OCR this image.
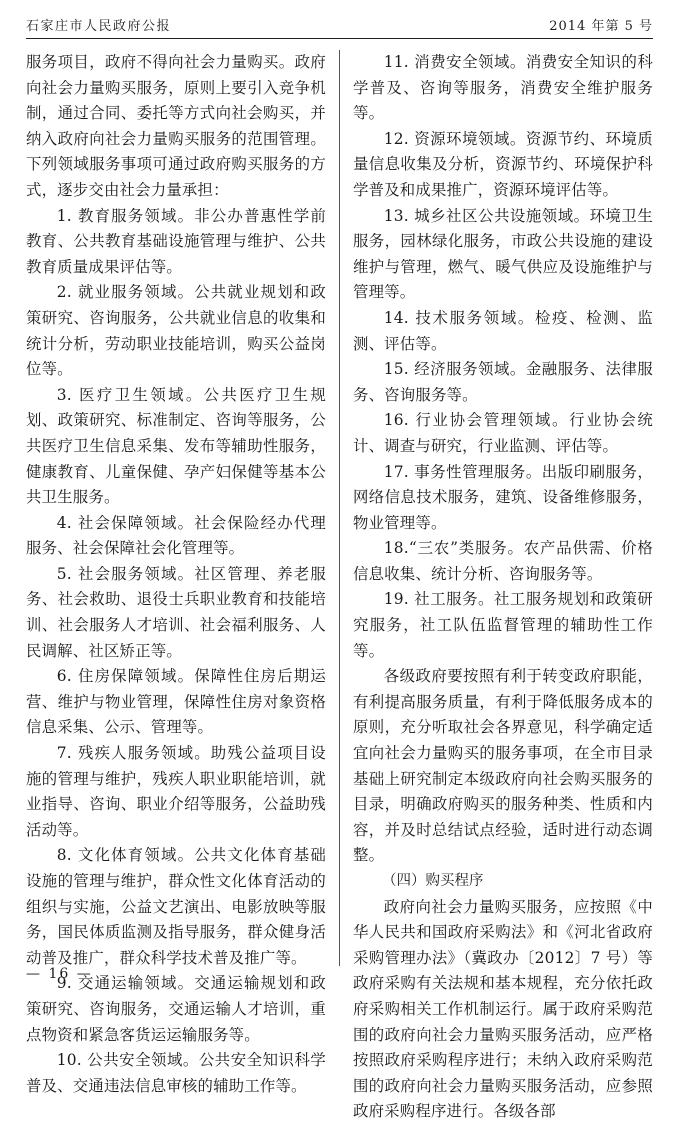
石家庄市人民政府公报	2014 年第 5 号

服务项目，政府不得向社会力量购买。政府向社会力量购买服务，原则上要引入竞争机制，通过合同、委托等方式向社会购买，并纳入政府向社会力量购买服务的范围管理。下列领域服务事项可通过政府购买服务的方式，逐步交由社会力量承担：

1. 教育服务领域。非公办普惠性学前教育、公共教育基础设施管理与维护、公共教育质量成果评估等。

2. 就业服务领域。公共就业规划和政策研究、咨询服务，公共就业信息的收集和统计分析，劳动职业技能培训，购买公益岗位等。

3. 医疗卫生领域。公共医疗卫生规划、政策研究、标准制定、咨询等服务，公共医疗卫生信息采集、发布等辅助性服务，健康教育、儿童保健、孕产妇保健等基本公共卫生服务。

4. 社会保障领域。社会保险经办代理服务、社会保障社会化管理等。

5. 社会服务领域。社区管理、养老服务、社会救助、退役士兵职业教育和技能培训、社会服务人才培训、社会福利服务、人民调解、社区矫正等。

6. 住房保障领域。保障性住房后期运营、维护与物业管理，保障性住房对象资格信息采集、公示、管理等。

7. 残疾人服务领域。助残公益项目设施的管理与维护，残疾人职业职能培训，就业指导、咨询、职业介绍等服务，公益助残活动等。

8. 文化体育领域。公共文化体育基础设施的管理与维护，群众性文化体育活动的组织与实施，公益文艺演出、电影放映等服务，国民体质监测及指导服务，群众健身活动普及推广，群众科学技术普及推广等。

9. 交通运输领域。交通运输规划和政策研究、咨询服务，交通运输人才培训，重点物资和紧急客货运运输服务等。

10. 公共安全领域。公共安全知识科学普及、交通违法信息审核的辅助工作等。

11. 消费安全领域。消费安全知识的科学普及、咨询等服务，消费安全维护服务等。

12. 资源环境领域。资源节约、环境质量信息收集及分析，资源节约、环境保护科学普及和成果推广，资源环境评估等。

13. 城乡社区公共设施领域。环境卫生服务，园林绿化服务，市政公共设施的建设维护与管理，燃气、暖气供应及设施维护与管理等。

14. 技术服务领域。检疫、检测、监测、评估等。

15. 经济服务领域。金融服务、法律服务、咨询服务等。

16. 行业协会管理领域。行业协会统计、调查与研究，行业监测、评估等。

17. 事务性管理服务。出版印刷服务，网络信息技术服务，建筑、设备维修服务，物业管理等。

18.“三农”类服务。农产品供需、价格信息收集、统计分析、咨询服务等。

19. 社工服务。社工服务规划和政策研究服务，社工队伍监督管理的辅助性工作等。

各级政府要按照有利于转变政府职能，有利提高服务质量，有利于降低服务成本的原则，充分听取社会各界意见，科学确定适宜向社会力量购买的服务事项，在全市目录基础上研究制定本级政府向社会购买服务的目录，明确政府购买的服务种类、性质和内容，并及时总结试点经验，适时进行动态调整。

（四）购买程序

政府向社会力量购买服务，应按照《中华人民共和国政府采购法》和《河北省政府采购管理办法》（冀政办〔2012〕7 号）等政府采购有关法规和基本规程，充分依托政府采购相关工作机制运行。属于政府采购范围的政府向社会力量购买服务活动，应严格按照政府采购程序进行；未纳入政府采购范围的政府向社会力量购买服务活动，应参照政府采购程序进行。各级各部

— 16 —
